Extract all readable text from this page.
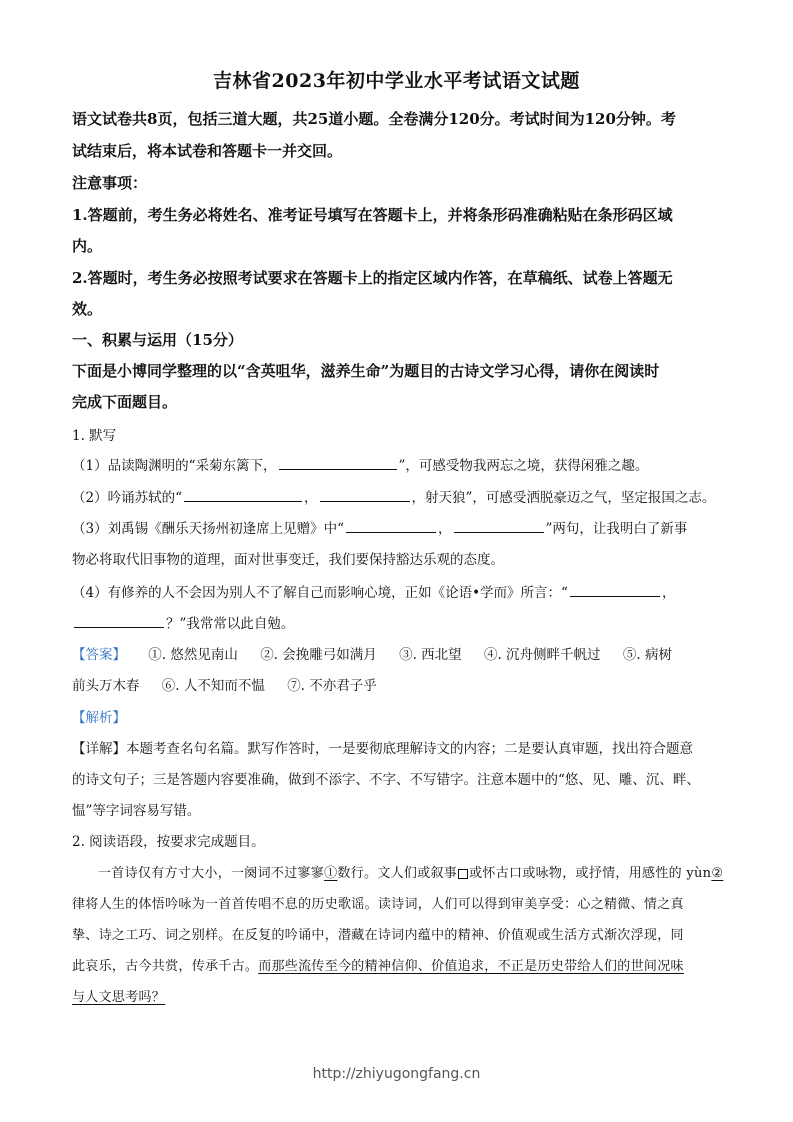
吉林省2023年初中学业水平考试语文试题
语文试卷共8页，包括三道大题，共25道小题。全卷满分120分。考试时间为120分钟。考
试结束后，将本试卷和答题卡一并交回。
注意事项：
1.答题前，考生务必将姓名、准考证号填写在答题卡上，并将条形码准确粘贴在条形码区域
内。
2.答题时，考生务必按照考试要求在答题卡上的指定区域内作答，在草稿纸、试卷上答题无
效。
一、积累与运用（15分）
下面是小博同学整理的以“含英咀华，滋养生命”为题目的古诗文学习心得，请你在阅读时
完成下面题目。
1. 默写
（1）品读陶渊明的“采菊东篱下，	”，可感受物我两忘之境，获得闲雅之趣。
（2）吟诵苏轼的“	，	，射天狼”，可感受洒脱豪迈之气，坚定报国之志。
（3）刘禹锡《酬乐天扬州初逢席上见赠》中“	，	”两句，让我明白了新事
物必将取代旧事物的道理，面对世事变迁，我们要保持豁达乐观的态度。
（4）有修养的人不会因为别人不了解自己而影响心境，正如《论语•学而》所言：“	，
？”我常常以此自勉。
【答案】 ①. 悠然见南山 ②. 会挽雕弓如满月 ③. 西北望 ④. 沉舟侧畔千帆过 ⑤. 病树
前头万木春 ⑥. 人不知而不愠 ⑦. 不亦君子乎
【解析】
【详解】本题考查名句名篇。默写作答时，一是要彻底理解诗文的内容；二是要认真审题，找出符合题意
的诗文句子；三是答题内容要准确，做到不添字、不字、不写错字。注意本题中的“悠、见、雕、沉、畔、
愠”等字词容易写错。
2. 阅读语段，按要求完成题目。
一首诗仅有方寸大小，一阕词不过寥寥①数行。文人们或叙事 或怀古口或咏物，或抒情，用感性的 yùn②
律将人生的体悟吟咏为一首首传唱不息的历史歌谣。读诗词，人们可以得到审美享受：心之精微、情之真
挚、诗之工巧、词之别样。在反复的吟诵中，潜藏在诗词内蕴中的精神、价值观或生活方式渐次浮现，同
此哀乐，古今共赏，传承千古。而那些流传至今的精神信仰、价值追求，不正是历史带给人们的世间况味
与人文思考吗？
http://zhiyugongfang.cn
